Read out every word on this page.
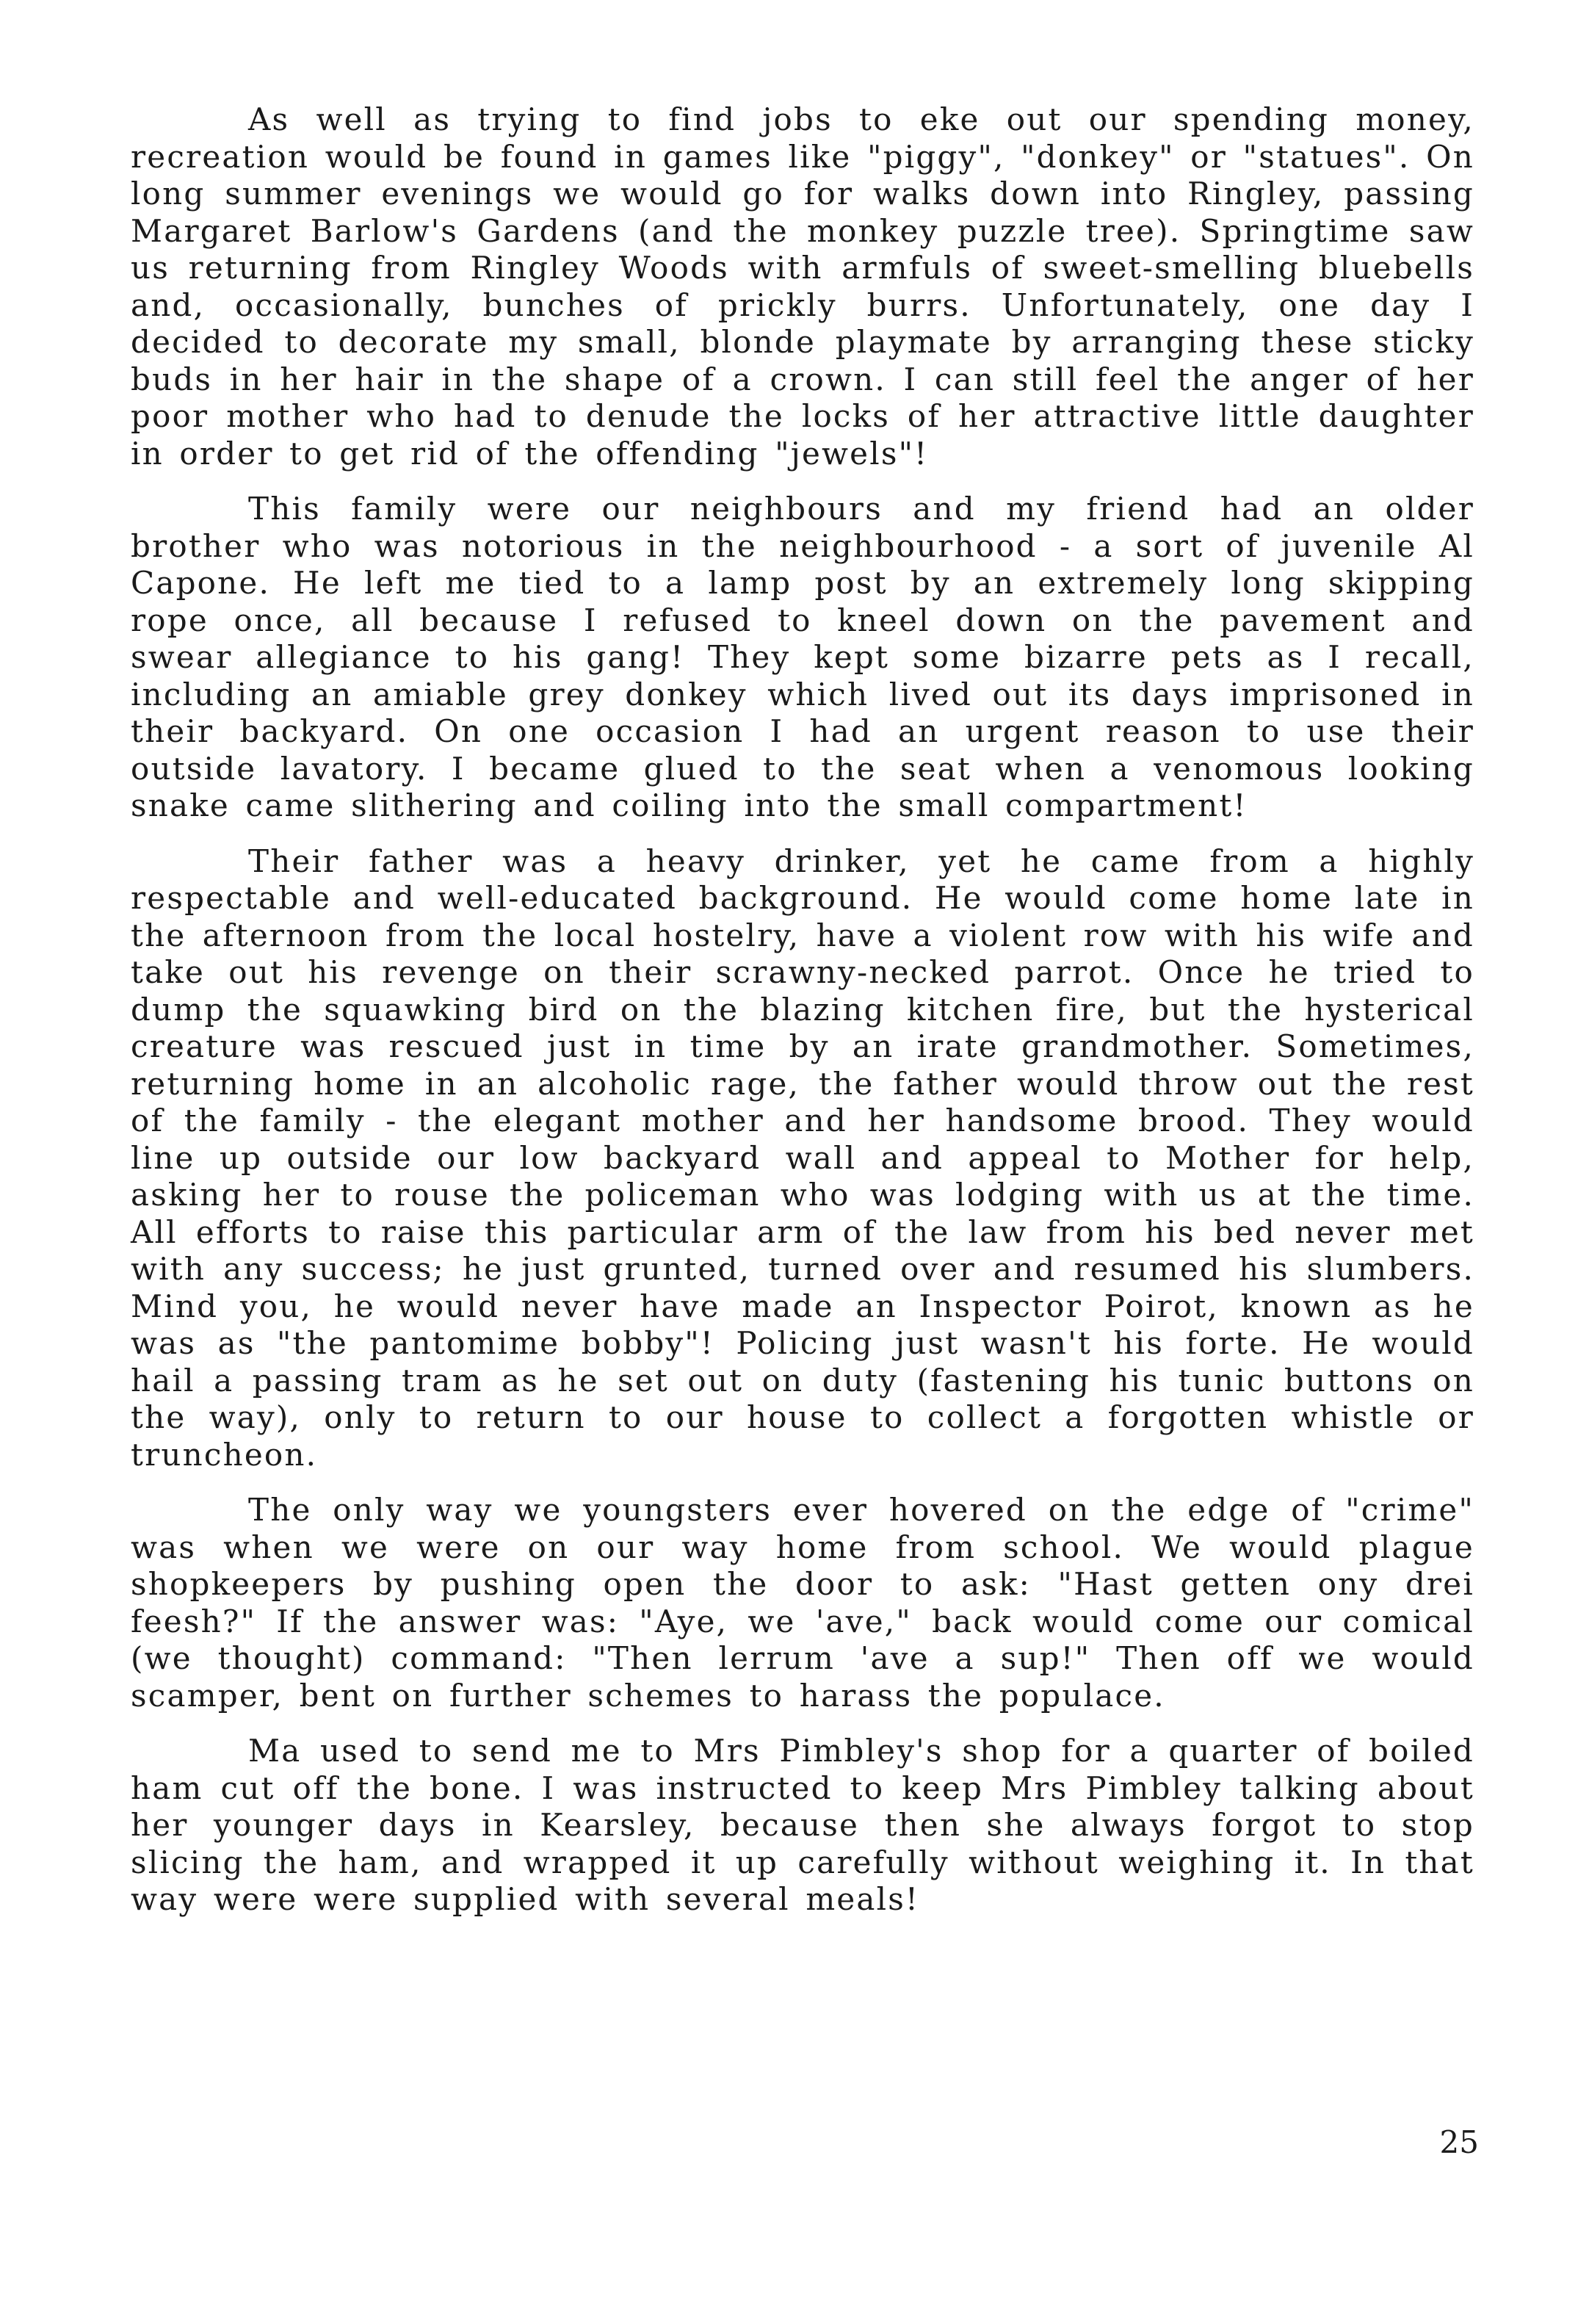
As well as trying to find jobs to eke out our spending money, recreation would be found in games like "piggy", "donkey" or "statues". On long summer evenings we would go for walks down into Ringley, passing Margaret Barlow's Gardens (and the monkey puzzle tree). Springtime saw us returning from Ringley Woods with armfuls of sweet-smelling bluebells and, occasionally, bunches of prickly burrs. Unfortunately, one day I decided to decorate my small, blonde playmate by arranging these sticky buds in her hair in the shape of a crown. I can still feel the anger of her poor mother who had to denude the locks of her attractive little daughter in order to get rid of the offending "jewels"!

This family were our neighbours and my friend had an older brother who was notorious in the neighbourhood - a sort of juvenile Al Capone. He left me tied to a lamp post by an extremely long skipping rope once, all because I refused to kneel down on the pavement and swear allegiance to his gang! They kept some bizarre pets as I recall, including an amiable grey donkey which lived out its days imprisoned in their backyard. On one occasion I had an urgent reason to use their outside lavatory. I became glued to the seat when a venomous looking snake came slithering and coiling into the small compartment!

Their father was a heavy drinker, yet he came from a highly respectable and well-educated background. He would come home late in the afternoon from the local hostelry, have a violent row with his wife and take out his revenge on their scrawny-necked parrot. Once he tried to dump the squawking bird on the blazing kitchen fire, but the hysterical creature was rescued just in time by an irate grandmother. Sometimes, returning home in an alcoholic rage, the father would throw out the rest of the family - the elegant mother and her handsome brood. They would line up outside our low backyard wall and appeal to Mother for help, asking her to rouse the policeman who was lodging with us at the time. All efforts to raise this particular arm of the law from his bed never met with any success; he just grunted, turned over and resumed his slumbers. Mind you, he would never have made an Inspector Poirot, known as he was as "the pantomime bobby"! Policing just wasn't his forte. He would hail a passing tram as he set out on duty (fastening his tunic buttons on the way), only to return to our house to collect a forgotten whistle or truncheon.

The only way we youngsters ever hovered on the edge of "crime" was when we were on our way home from school. We would plague shopkeepers by pushing open the door to ask: "Hast getten ony drei feesh?" If the answer was: "Aye, we 'ave," back would come our comical (we thought) command: "Then lerrum 'ave a sup!" Then off we would scamper, bent on further schemes to harass the populace.

Ma used to send me to Mrs Pimbley's shop for a quarter of boiled ham cut off the bone. I was instructed to keep Mrs Pimbley talking about her younger days in Kearsley, because then she always forgot to stop slicing the ham, and wrapped it up carefully without weighing it. In that way were were supplied with several meals!

25
